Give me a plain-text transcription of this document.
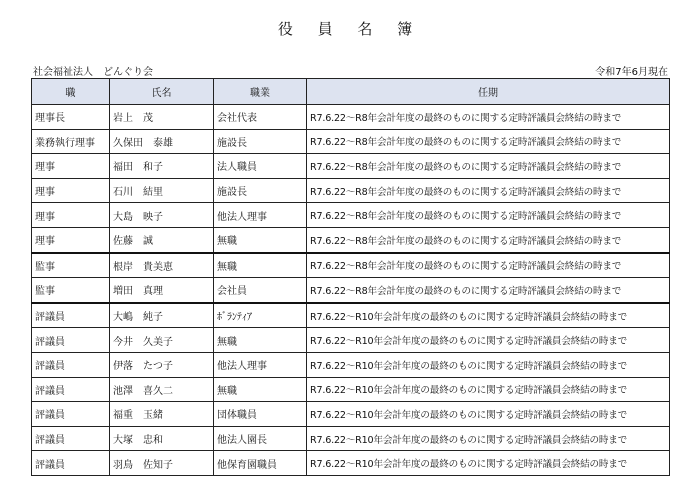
役 員 名 簿
社会福祉法人　どんぐり会	令和7年6月現在
職	氏名	職業	任期
理事長	岩上　茂	会社代表	R7.6.22～R8年会計年度の最終のものに関する定時評議員会終結の時まで
業務執行理事	久保田　泰雄	施設長	R7.6.22～R8年会計年度の最終のものに関する定時評議員会終結の時まで
理事	福田　和子	法人職員	R7.6.22～R8年会計年度の最終のものに関する定時評議員会終結の時まで
理事	石川　結里	施設長	R7.6.22～R8年会計年度の最終のものに関する定時評議員会終結の時まで
理事	大島　映子	他法人理事	R7.6.22～R8年会計年度の最終のものに関する定時評議員会終結の時まで
理事	佐藤　誠	無職	R7.6.22～R8年会計年度の最終のものに関する定時評議員会終結の時まで
監事	根岸　貴美恵	無職	R7.6.22～R8年会計年度の最終のものに関する定時評議員会終結の時まで
監事	増田　真理	会社員	R7.6.22～R8年会計年度の最終のものに関する定時評議員会終結の時まで
評議員	大嶋　純子	ﾎﾞﾗﾝﾃｨｱ	R7.6.22～R10年会計年度の最終のものに関する定時評議員会終結の時まで
評議員	今井　久美子	無職	R7.6.22～R10年会計年度の最終のものに関する定時評議員会終結の時まで
評議員	伊落　たつ子	他法人理事	R7.6.22～R10年会計年度の最終のものに関する定時評議員会終結の時まで
評議員	池澤　喜久二	無職	R7.6.22～R10年会計年度の最終のものに関する定時評議員会終結の時まで
評議員	福重　玉緒	団体職員	R7.6.22～R10年会計年度の最終のものに関する定時評議員会終結の時まで
評議員	大塚　忠和	他法人園長	R7.6.22～R10年会計年度の最終のものに関する定時評議員会終結の時まで
評議員	羽鳥　佐知子	他保育園職員	R7.6.22～R10年会計年度の最終のものに関する定時評議員会終結の時まで
